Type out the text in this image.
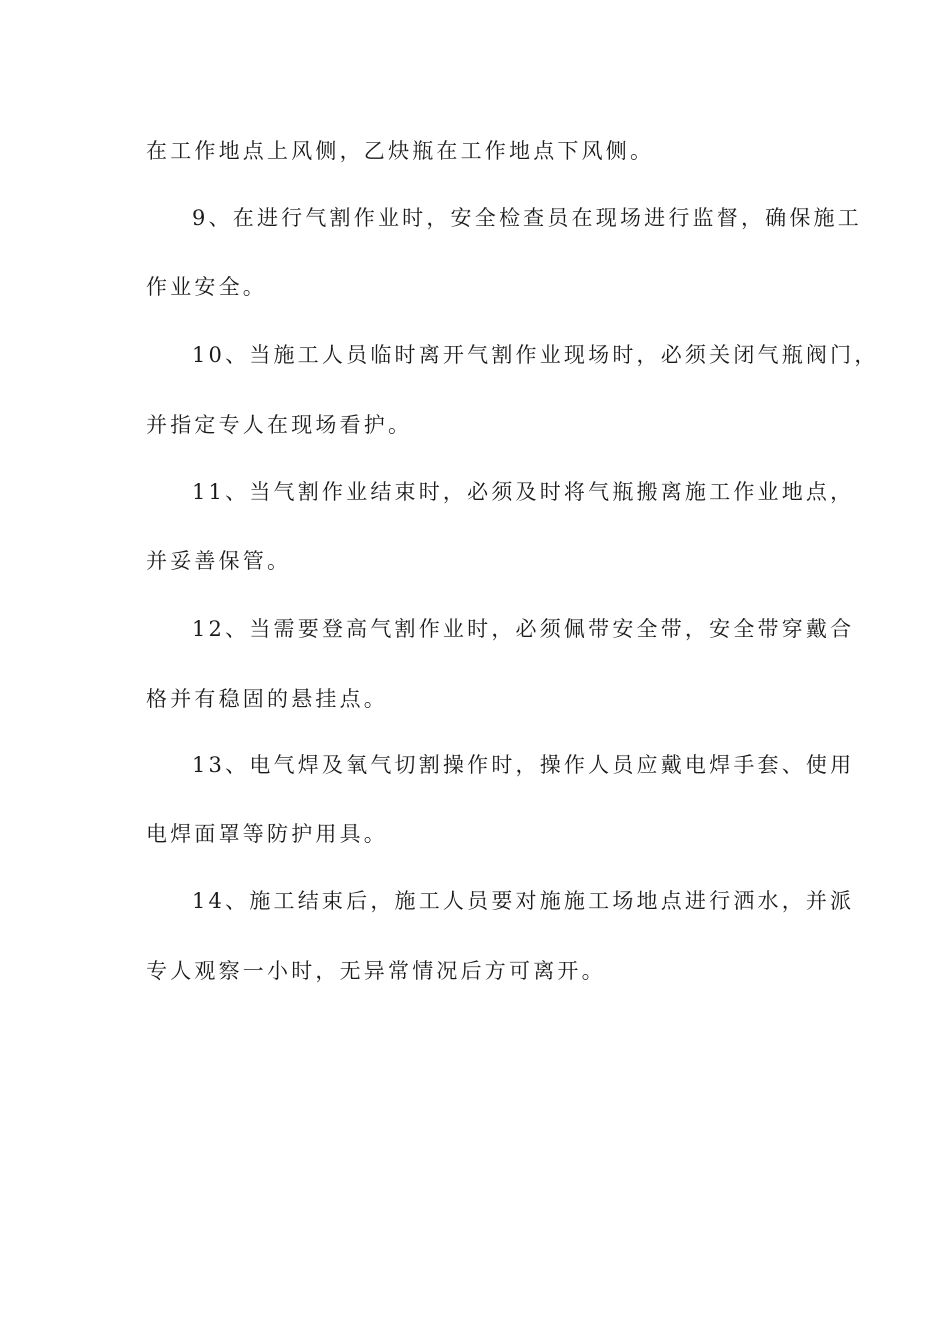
在工作地点上风侧，乙炔瓶在工作地点下风侧。
9、在进行气割作业时，安全检查员在现场进行监督，确保施工
作业安全。
10、当施工人员临时离开气割作业现场时，必须关闭气瓶阀门，
并指定专人在现场看护。
11、当气割作业结束时，必须及时将气瓶搬离施工作业地点，
并妥善保管。
12、当需要登高气割作业时，必须佩带安全带，安全带穿戴合
格并有稳固的悬挂点。
13、电气焊及氧气切割操作时，操作人员应戴电焊手套、使用
电焊面罩等防护用具。
14、施工结束后，施工人员要对施施工场地点进行洒水，并派
专人观察一小时，无异常情况后方可离开。
